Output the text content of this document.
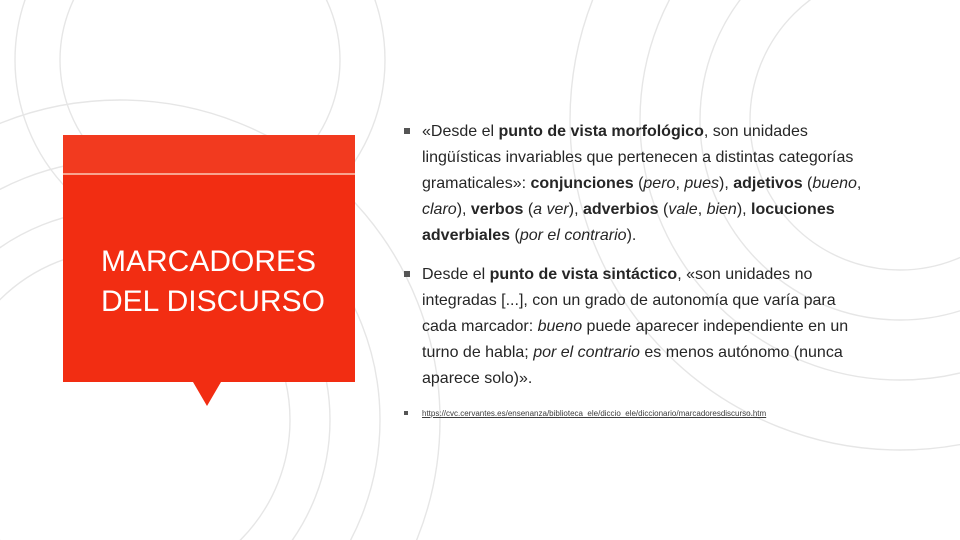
MARCADORES
DEL DISCURSO
«Desde el punto de vista morfológico, son unidades lingüísticas invariables que pertenecen a distintas categorías gramaticales»: conjunciones (pero, pues), adjetivos (bueno, claro), verbos (a ver), adverbios (vale, bien), locuciones adverbiales (por el contrario).
Desde el punto de vista sintáctico, «son unidades no integradas [...], con un grado de autonomía que varía para cada marcador: bueno puede aparecer independiente en un turno de habla; por el contrario es menos autónomo (nunca aparece solo)».
https://cvc.cervantes.es/ensenanza/biblioteca_ele/diccio_ele/diccionario/marcadoresdiscurso.htm
